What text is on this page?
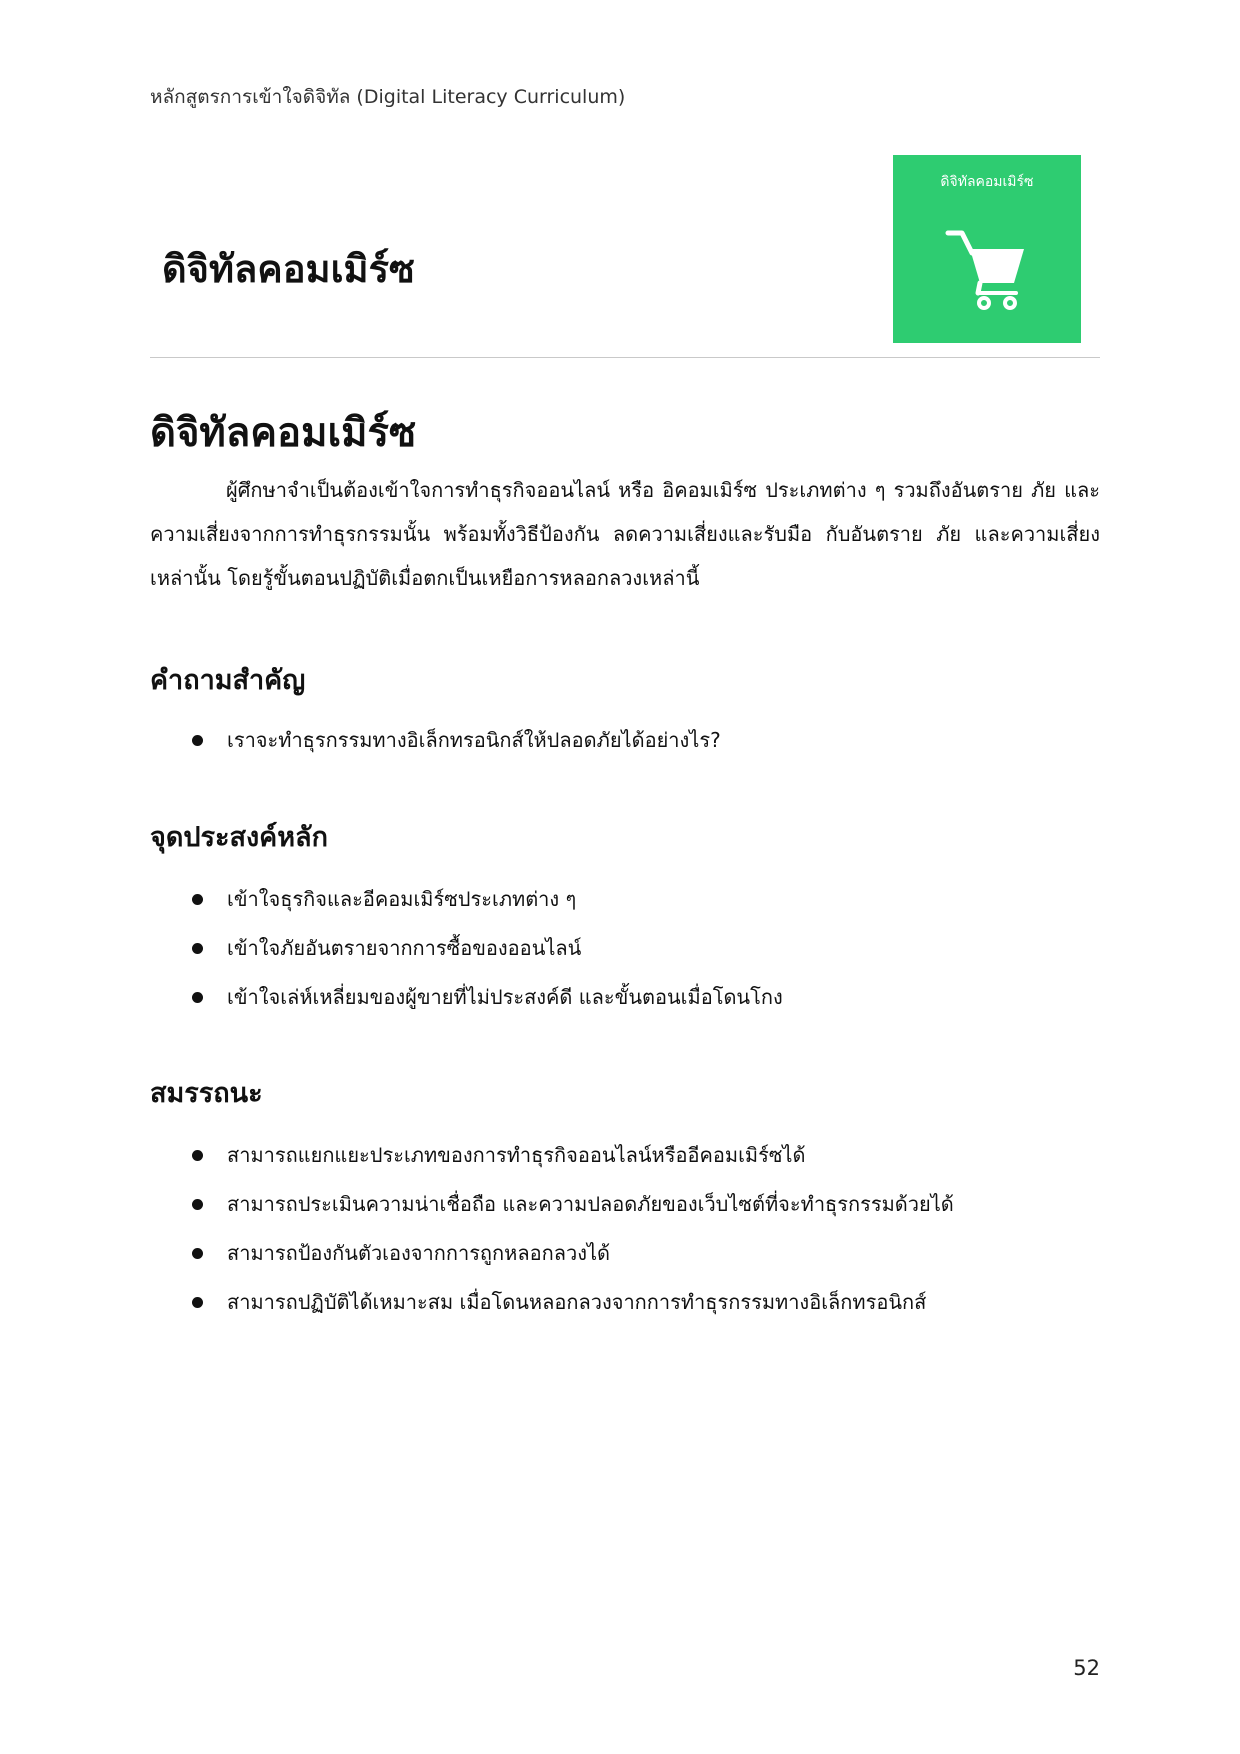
หลักสูตรการเข้าใจดิจิทัล (Digital Literacy Curriculum)
ดิจิทัลคอมเมิร์ซ
ดิจิทัลคอมเมิร์ซ
ดิจิทัลคอมเมิร์ซ

ผู้ศึกษาจำเป็นต้องเข้าใจการทำธุรกิจออนไลน์ หรือ อิคอมเมิร์ซ ประเภทต่าง ๆ รวมถึงอันตราย ภัย และ ความเสี่ยงจากการทำธุรกรรมนั้น พร้อมทั้งวิธีป้องกัน ลดความเสี่ยงและรับมือ กับอันตราย ภัย และความเสี่ยงเหล่านั้น โดยรู้ขั้นตอนปฏิบัติเมื่อตกเป็นเหยือการหลอกลวงเหล่านี้

คำถามสำคัญ
เราจะทำธุรกรรมทางอิเล็กทรอนิกส์ให้ปลอดภัยได้อย่างไร?
จุดประสงค์หลัก
เข้าใจธุรกิจและอีคอมเมิร์ซประเภทต่าง ๆ
เข้าใจภัยอันตรายจากการซื้อของออนไลน์
เข้าใจเล่ห์เหลี่ยมของผู้ขายที่ไม่ประสงค์ดี และขั้นตอนเมื่อโดนโกง
สมรรถนะ
สามารถแยกแยะประเภทของการทำธุรกิจออนไลน์หรืออีคอมเมิร์ซได้
สามารถประเมินความน่าเชื่อถือ และความปลอดภัยของเว็บไซต์ที่จะทำธุรกรรมด้วยได้
สามารถป้องกันตัวเองจากการถูกหลอกลวงได้
สามารถปฏิบัติได้เหมาะสม เมื่อโดนหลอกลวงจากการทำธุรกรรมทางอิเล็กทรอนิกส์
52
